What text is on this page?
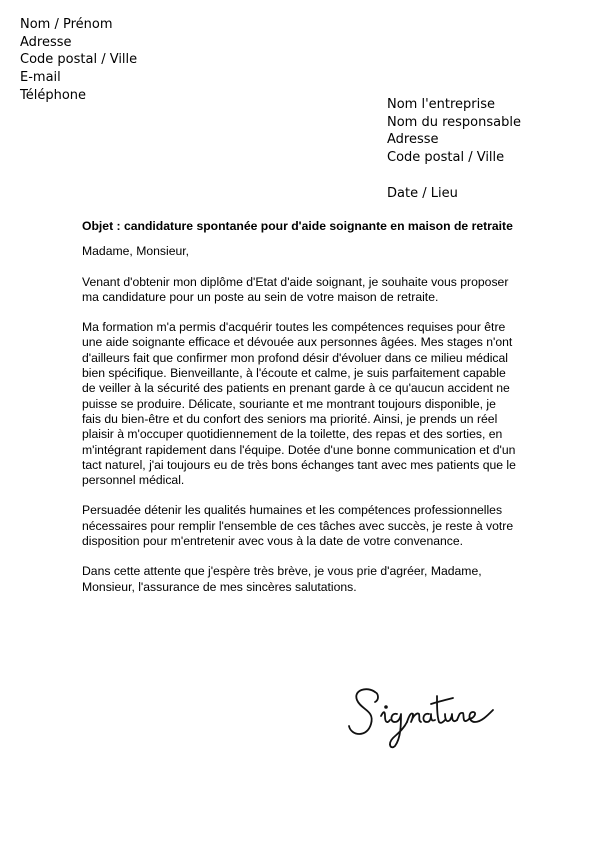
Nom / Prénom
Adresse
Code postal / Ville
E-mail
Téléphone
Nom l'entreprise
Nom du responsable
Adresse
Code postal / Ville
Date / Lieu

Objet : candidature spontanée pour d'aide soignante en maison de retraite

Madame, Monsieur,

Venant d'obtenir mon diplôme d'Etat d'aide soignant, je souhaite vous proposer ma candidature pour un poste au sein de votre maison de retraite.

Ma formation m'a permis d'acquérir toutes les compétences requises pour être une aide soignante efficace et dévouée aux personnes âgées. Mes stages n'ont d'ailleurs fait que confirmer mon profond désir d'évoluer dans ce milieu médical bien spécifique. Bienveillante, à l'écoute et calme, je suis parfaitement capable de veiller à la sécurité des patients en prenant garde à ce qu'aucun accident ne puisse se produire. Délicate, souriante et me montrant toujours disponible, je fais du bien-être et du confort des seniors ma priorité. Ainsi, je prends un réel plaisir à m'occuper quotidiennement de la toilette, des repas et des sorties, en m'intégrant rapidement dans l'équipe. Dotée d'une bonne communication et d'un tact naturel, j'ai toujours eu de très bons échanges tant avec mes patients que le personnel médical.

Persuadée détenir les qualités humaines et les compétences professionnelles nécessaires pour remplir l'ensemble de ces tâches avec succès, je reste à votre disposition pour m'entretenir avec vous à la date de votre convenance.

Dans cette attente que j'espère très brève, je vous prie d'agréer, Madame, Monsieur, l'assurance de mes sincères salutations.
